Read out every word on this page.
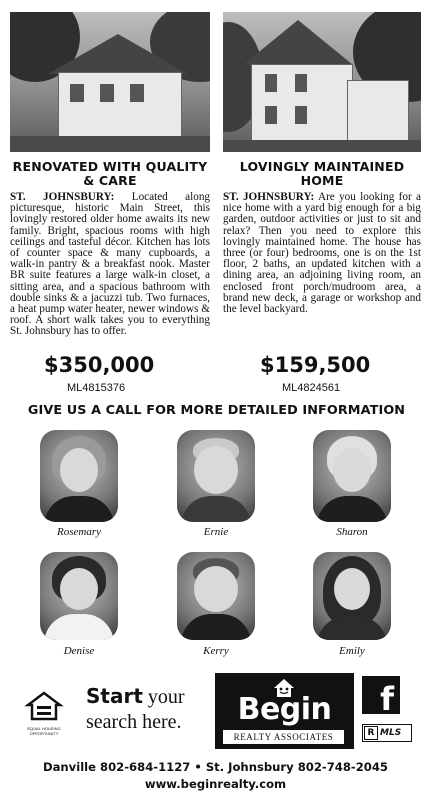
RENOVATED WITH QUALITY
& CARE
ST. JOHNSBURY: Located along picturesque, historic Main Street, this lovingly restored older home awaits its new family. Bright, spacious rooms with high ceilings and tasteful décor. Kitchen has lots of counter space & many cupboards, a walk-in pantry & a breakfast nook. Master BR suite features a large walk-in closet, a sitting area, and a spacious bathroom with double sinks & a jacuzzi tub. Two furnaces, a heat pump water heater, newer windows & roof. A short walk takes you to everything St. Johnsbury has to offer.
$350,000
ML4815376
LOVINGLY MAINTAINED
HOME
ST. JOHNSBURY: Are you looking for a nice home with a yard big enough for a big garden, outdoor activities or just to sit and relax? Then you need to explore this lovingly maintained home. The house has three (or four) bedrooms, one is on the 1st floor, 2 baths, an updated kitchen with a dining area, an adjoining living room, an enclosed front porch/mudroom area, a brand new deck, a garage or workshop and the level backyard.
$159,500
ML4824561
GIVE US A CALL FOR MORE DETAILED INFORMATION
Rosemary	Ernie	Sharon
Denise	Kerry	Emily
EQUAL HOUSING OPPORTUNITY
Start your
search here.	Begin
REALTY ASSOCIATES
f
R MLS
Danville 802-684-1127 • St. Johnsbury 802-748-2045
www.beginrealty.com
